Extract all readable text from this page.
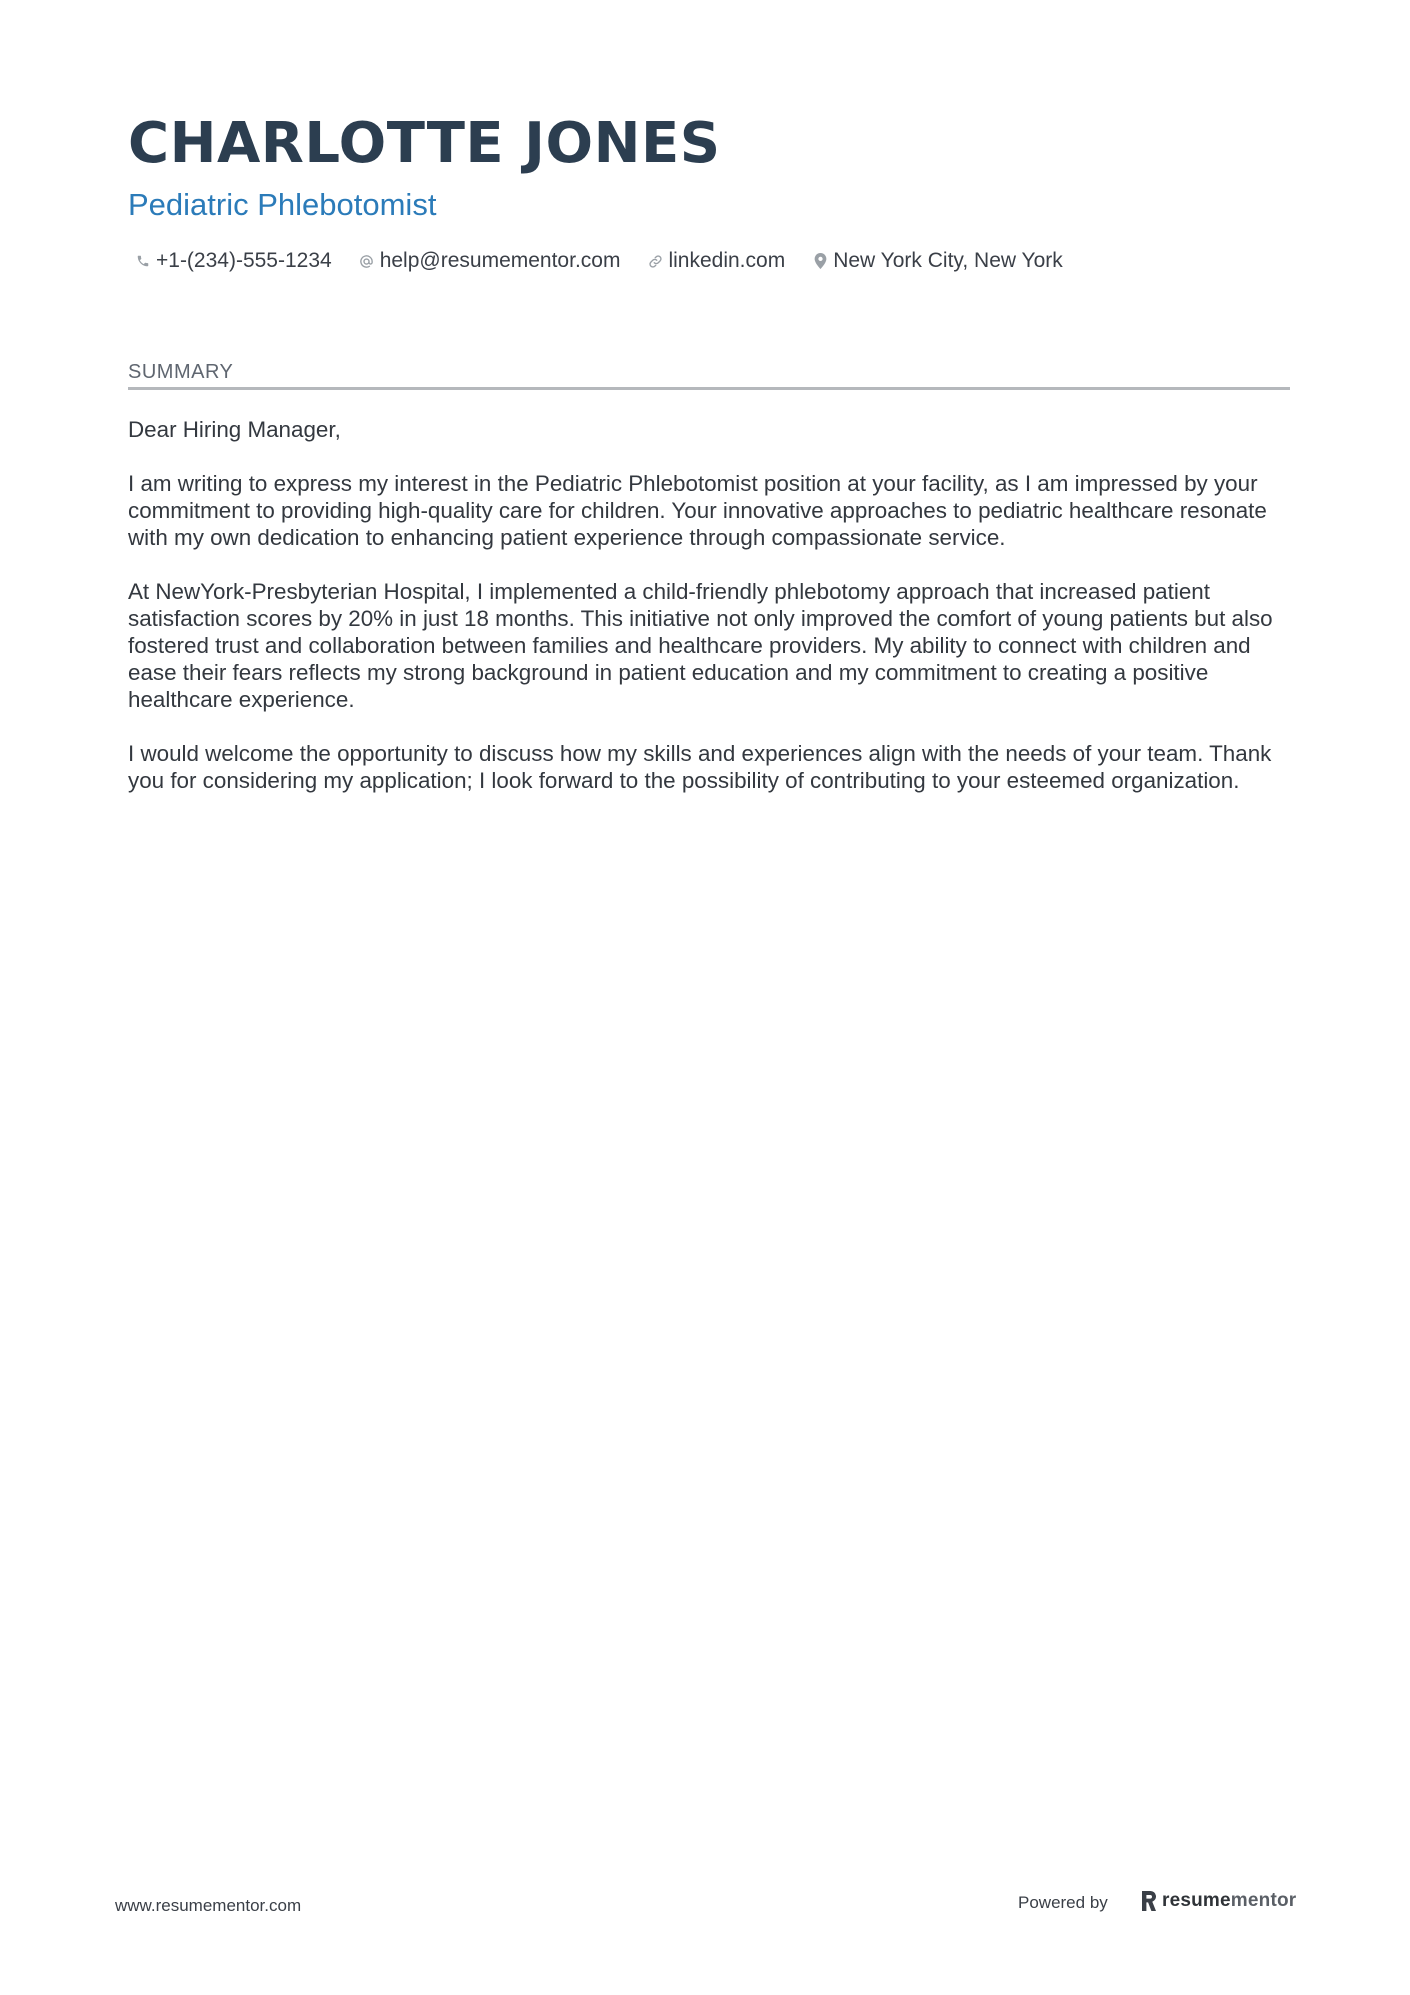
CHARLOTTE JONES
Pediatric Phlebotomist
+1-(234)-555-1234 help@resumementor.com linkedin.com New York City, New York
SUMMARY

Dear Hiring Manager,

I am writing to express my interest in the Pediatric Phlebotomist position at your facility, as I am impressed by your commitment to providing high-quality care for children. Your innovative approaches to pediatric healthcare resonate with my own dedication to enhancing patient experience through compassionate service.

At NewYork-Presbyterian Hospital, I implemented a child-friendly phlebotomy approach that increased patient satisfaction scores by 20% in just 18 months. This initiative not only improved the comfort of young patients but also fostered trust and collaboration between families and healthcare providers. My ability to connect with children and ease their fears reflects my strong background in patient education and my commitment to creating a positive healthcare experience.

I would welcome the opportunity to discuss how my skills and experiences align with the needs of your team. Thank you for considering my application; I look forward to the possibility of contributing to your esteemed organization.

www.resumementor.com	Powered by	resumementor
